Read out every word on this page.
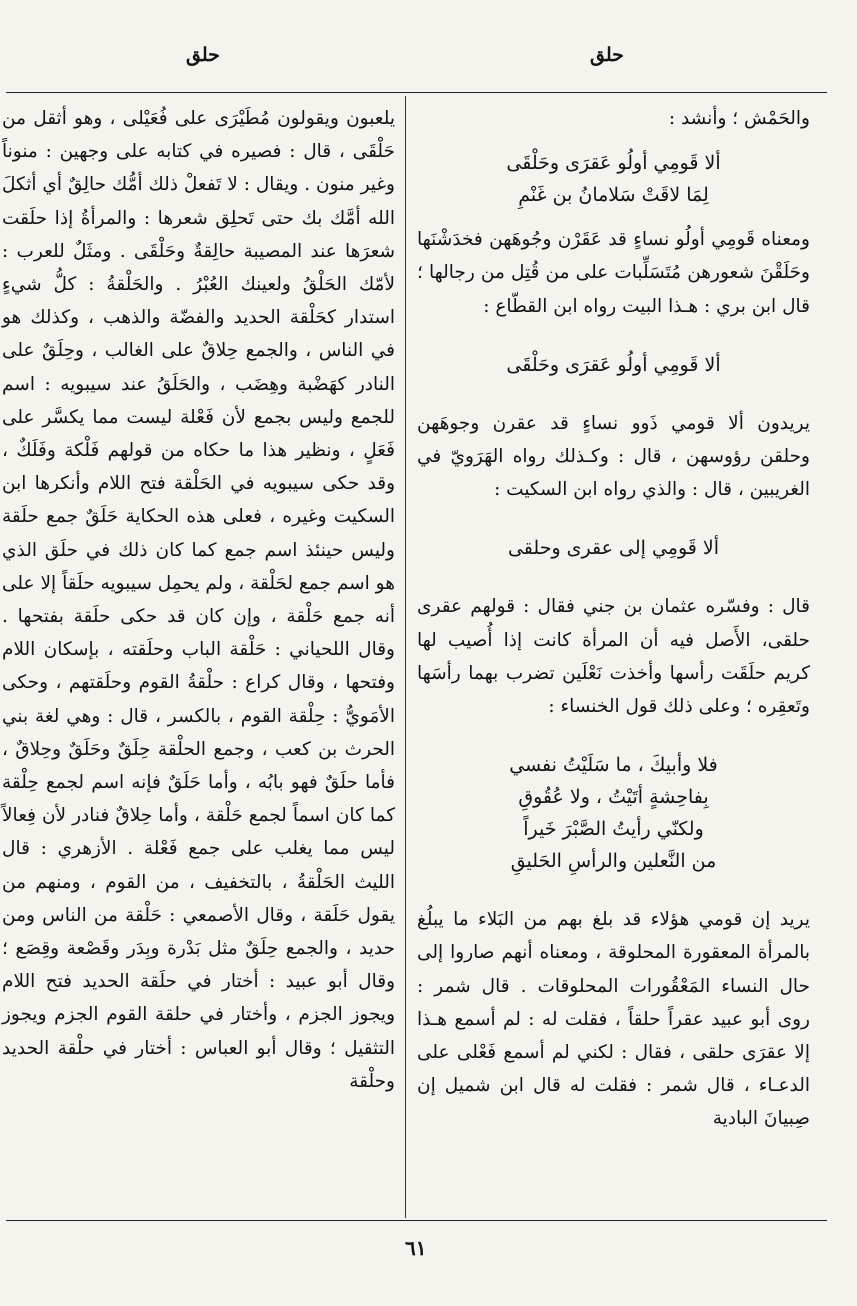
حلق
حلق

والحَمْش ؛ وأنشد :

ألا قَومِي أولُو عَقرَى وحَلْقَى
لِمَا لاقَتْ سَلامانُ بن غَنْمِ

ومعناه قَومِي أولُو نساءٍ قد عَقَرْن وجُوهَهن فخدَشْنَها وحَلَقْنَ شعورهن مُتَسَلِّبات على من قُتِل من رجالها ؛ قال ابن بري : هـذا البيت رواه ابن القطّاع :

ألا قَومِي أولُو عَقرَى وحَلْقَى

يريدون ألا قومي ذَوو نساءٍ قد عقرن وجوهَهن وحلقن رؤوسهن ، قال : وكـذلك رواه الهَرَويّ في الغريبين ، قال : والذي رواه ابن السكيت :

ألا قَومِي إلى عقرى وحلقى

قال : وفسّره عثمان بن جني فقال : قولهم عقرى حلقى، الأَصل فيه أن المرأة كانت إذا أُصيب لها كريم حلَقَت رأسها وأخذت نَعْلَين تضرب بهما رأسَها وتَعقِره ؛ وعلى ذلك قول الخنساء :

فلا وأبيكَ ، ما سَلَيْتُ نفسي
بِفاحِشةٍ أتَيْتُ ، ولا عُقُوقِ
ولكنّي رأيتُ الصَّبْرَ خَيراً
من النَّعلين والرأسِ الحَليقِ

يريد إن قومي هؤلاء قد بلغ بهم من البَلاء ما يبلُغ بالمرأة المعقورة المحلوقة ، ومعناه أنهم صاروا إلى حال النساء المَعْقُورات المحلوقات . قال شمر : روى أبو عبيد عقراً حلقاً ، فقلت له : لم أسمع هـذا إلا عقرَى حلقى ، فقال : لكني لم أسمع فَعْلى على الدعـاء ، قال شمر : فقلت له قال ابن شميل إن صِبيانَ البادية

يلعبون ويقولون مُطَيْرَى على فُعَيْلى ، وهو أثقل من حَلْقَى ، قال : فصيره في كتابه على وجهين : منوناً وغير منون . ويقال : لا تَفعلْ ذلك أمُّك حالِقٌ أي أثكلَ الله أمَّك بك حتى تَحلِق شعرها : والمرأةُ إذا حلَقت شعرَها عند المصيبة حالِقةٌ وحَلْقَى . ومثَلٌ للعرب : لأمّك الحَلْقُ ولعينك العُبْرُ . والحَلْقةُ : كلُّ شيءٍ استدار كحَلْقة الحديد والفضّة والذهب ، وكذلك هو في الناس ، والجمع حِلاقٌ على الغالب ، وحِلَقٌ على النادر كهَضْبة وهِضَب ، والحَلَقُ عند سيبويه : اسم للجمع وليس بجمع لأن فَعْلة ليست مما يكسَّر على فَعَلٍ ، ونظير هذا ما حكاه من قولهم فَلْكة وفَلَكٌ ، وقد حكى سيبويه في الحَلْقة فتح اللام وأنكرها ابن السكيت وغيره ، فعلى هذه الحكاية حَلَقٌ جمع حلَقة وليس حينئذ اسم جمع كما كان ذلك في حلَق الذي هو اسم جمع لحَلْقة ، ولم يحمِل سيبويه حلَقاً إلا على أنه جمع حَلْقة ، وإن كان قد حكى حلَقة بفتحها . وقال اللحياني : حَلْقة الباب وحلَقته ، بإسكان اللام وفتحها ، وقال كراع : حلْقةُ القوم وحلَقتهم ، وحكى الأمَويُّ : حِلْقة القوم ، بالكسر ، قال : وهي لغة بني الحرث بن كعب ، وجمع الحلْقة حِلَقٌ وحَلَقٌ وحِلاقٌ ، فأما حلَقٌ فهو بابُه ، وأما حَلَقٌ فإنه اسم لجمع حِلْقة كما كان اسماً لجمع حَلْقة ، وأما حِلاقٌ فنادر لأن فِعالاً ليس مما يغلب على جمع فَعْلة . الأزهري : قال الليث الحَلْقةُ ، بالتخفيف ، من القوم ، ومنهم من يقول حَلَقة ، وقال الأصمعي : حَلْقة من الناس ومن حديد ، والجمع حِلَقٌ مثل بَدْرة وبِدَر وقَصْعة وقِصَع ؛ وقال أبو عبيد : أختار في حلَقة الحديد فتح اللام ويجوز الجزم ، وأختار في حلقة القوم الجزم ويجوز التثقيل ؛ وقال أبو العباس : أختار في حلْقة الحديد وحلْقة

٦١
